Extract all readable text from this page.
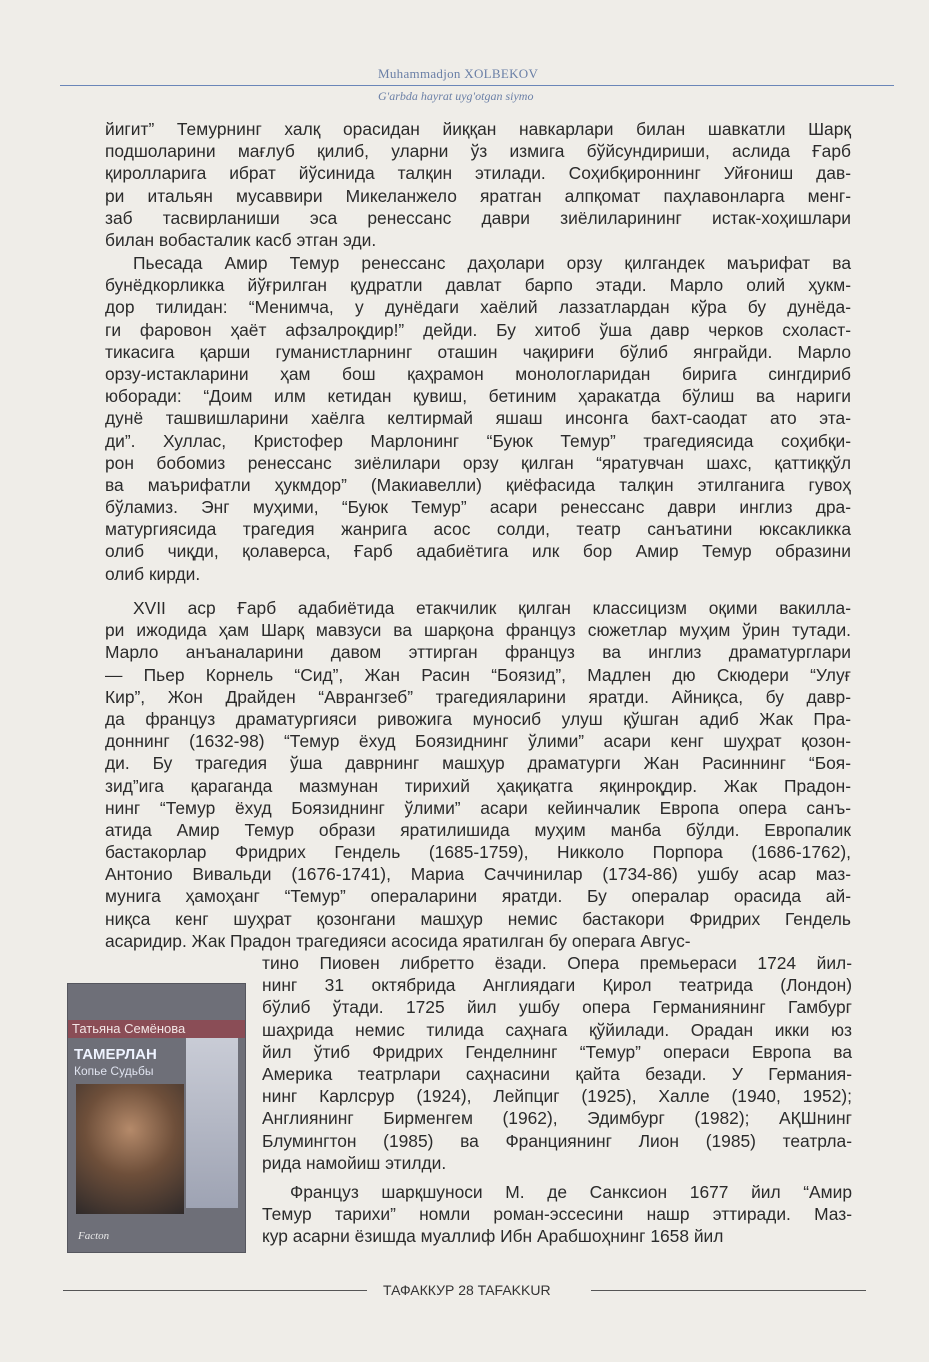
Muhammadjon XOLBEKOV
G'arbda hayrat uyg'otgan siymo
йигит” Темурнинг халқ орасидан йиққан навкарлари билан шавкатли Шарқ
подшоларини мағлуб қилиб, уларни ўз измига бўйсундириши, аслида Ғарб
қиролларига ибрат йўсинида талқин этилади. Соҳибқироннинг Уйғониш дав-
ри итальян мусаввири Микеланжело яратган алпқомат паҳлавонларга менг-
заб тасвирланиши эса ренессанс даври зиёлиларининг истак-хоҳишлари
билан вобасталик касб этган эди.
Пьесада Амир Темур ренессанс даҳолари орзу қилгандек маърифат ва
бунёдкорликка йўғрилган қудратли давлат барпо этади. Марло олий ҳукм-
дор тилидан: “Менимча, у дунёдаги хаёлий лаззатлардан кўра бу дунёда-
ги фаровон ҳаёт афзалроқдир!” дейди. Бу хитоб ўша давр черков схоласт-
тикасига қарши гуманистларнинг оташин чақириғи бўлиб янграйди. Марло
орзу-истакларини ҳам бош қаҳрамон монологларидан бирига сингдириб
юборади: “Доим илм кетидан қувиш, бетиним ҳаракатда бўлиш ва нариги
дунё ташвишларини хаёлга келтирмай яшаш инсонга бахт-саодат ато эта-
ди”. Хуллас, Кристофер Марлонинг “Буюк Темур” трагедиясида соҳибқи-
рон бобомиз ренессанс зиёлилари орзу қилган “яратувчан шахс, қаттиққўл
ва маърифатли ҳукмдор” (Макиавелли) қиёфасида талқин этилганига гувоҳ
бўламиз. Энг муҳими, “Буюк Темур” асари ренессанс даври инглиз дра-
матургиясида трагедия жанрига асос солди, театр санъатини юксакликка
олиб чиқди, қолаверса, Ғарб адабиётига илк бор Амир Темур образини
олиб кирди.
XVII аср Ғарб адабиётида етакчилик қилган классицизм оқими вакилла-
ри ижодида ҳам Шарқ мавзуси ва шарқона француз сюжетлар муҳим ўрин тутади.
Марло анъаналарини давом эттирган француз ва инглиз драматурглари
— Пьер Корнель “Сид”, Жан Расин “Боязид”, Мадлен дю Скюдери “Улуғ
Кир”, Жон Драйден “Аврангзеб” трагедияларини яратди. Айниқса, бу давр-
да француз драматургияси ривожига муносиб улуш қўшган адиб Жак Пра-
доннинг (1632-98) “Темур ёхуд Боязиднинг ўлими” асари кенг шуҳрат қозон-
ди. Бу трагедия ўша даврнинг машҳур драматурги Жан Расиннинг “Боя-
зид”ига қараганда мазмунан тирихий ҳақиқатга яқинроқдир. Жак Прадон-
нинг “Темур ёхуд Боязиднинг ўлими” асари кейинчалик Европа опера санъ-
атида Амир Темур образи яратилишида муҳим манба бўлди. Европалик
бастакорлар Фридрих Гендель (1685-1759), Никколо Порпора (1686-1762),
Антонио Вивальди (1676-1741), Мариа Саччинилар (1734-86) ушбу асар маз-
мунига ҳамоҳанг “Темур” операларини яратди. Бу опералар орасида ай-
ниқса кенг шуҳрат қозонгани машҳур немис бастакори Фридрих Гендель
асаридир. Жак Прадон трагедияси асосида яратилган бу операга Авгус-
тино Пиовен либретто ёзади. Опера премьераси 1724 йил-
нинг 31 октябрида Англиядаги Қирол театрида (Лондон)
бўлиб ўтади. 1725 йил ушбу опера Германиянинг Гамбург
шаҳрида немис тилида саҳнага қўйилади. Орадан икки юз
йил ўтиб Фридрих Генделнинг “Темур” операси Европа ва
Америка театрлари саҳнасини қайта безади. У Германия-
нинг Карлсрур (1924), Лейпциг (1925), Халле (1940, 1952);
Англиянинг Бирменгем (1962), Эдимбург (1982); АҚШнинг
Блумингтон (1985) ва Франциянинг Лион (1985) театрла-
рида намойиш этилди.
Француз шарқшуноси М. де Санксион 1677 йил “Амир
Темур тарихи” номли роман-эссесини нашр эттиради. Маз-
кур асарни ёзишда муаллиф Ибн Арабшоҳнинг 1658 йил
Татьяна Семёнова
ТАМЕРЛАН
Копье Судьбы
Facton
ТАФАККУР 28 TAFAKKUR
